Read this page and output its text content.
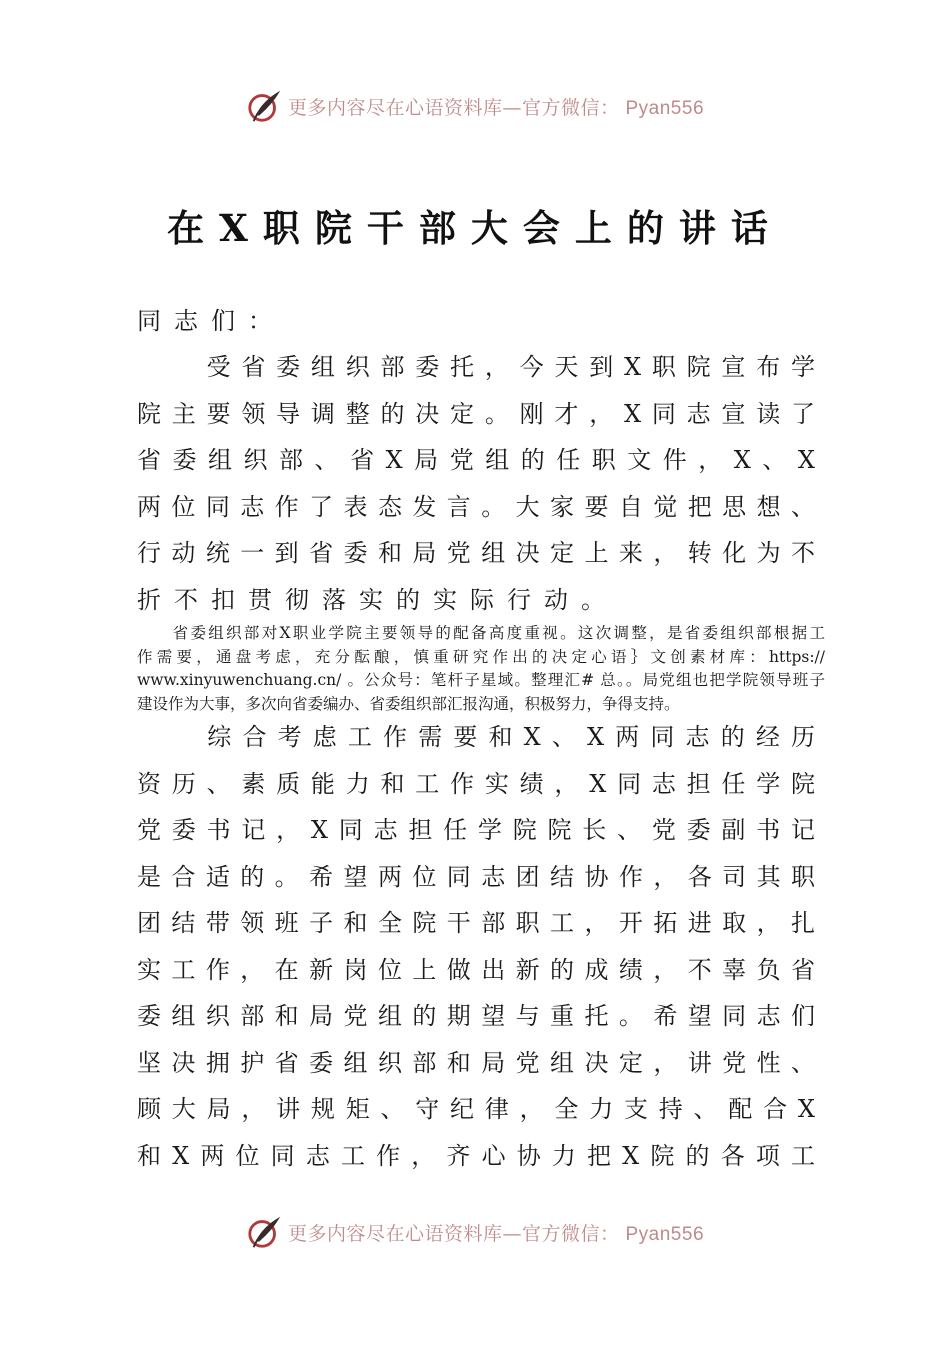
更多内容尽在心语资料库—官方微信： Pyan556
在X职院干部大会上的讲话
同志们：
　　受省委组织部委托，今天到X职院宣布学
院主要领导调整的决定。刚才，X同志宣读了
省委组织部、省X局党组的任职文件，X、X
两位同志作了表态发言。大家要自觉把思想、
行动统一到省委和局党组决定上来，转化为不
折不扣贯彻落实的实际行动。
　　省委组织部对X职业学院主要领导的配备高度重视。这次调整，是省委组织部根据工
作需要，通盘考虑，充分酝酿，慎重研究作出的决定心语｝文创素材库：https://
www.xinyuwenchuang.cn/ 。公众号：笔杆子星域。整理汇# 总。。局党组也把学院领导班子
建设作为大事，多次向省委编办、省委组织部汇报沟通，积极努力，争得支持。
　　综合考虑工作需要和X、X两同志的经历
资历、素质能力和工作实绩，X同志担任学院
党委书记，X同志担任学院院长、党委副书记
是合适的。希望两位同志团结协作，各司其职
团结带领班子和全院干部职工，开拓进取，扎
实工作，在新岗位上做出新的成绩，不辜负省
委组织部和局党组的期望与重托。希望同志们
坚决拥护省委组织部和局党组决定，讲党性、
顾大局，讲规矩、守纪律，全力支持、配合X
和X两位同志工作，齐心协力把X院的各项工
更多内容尽在心语资料库—官方微信： Pyan556
